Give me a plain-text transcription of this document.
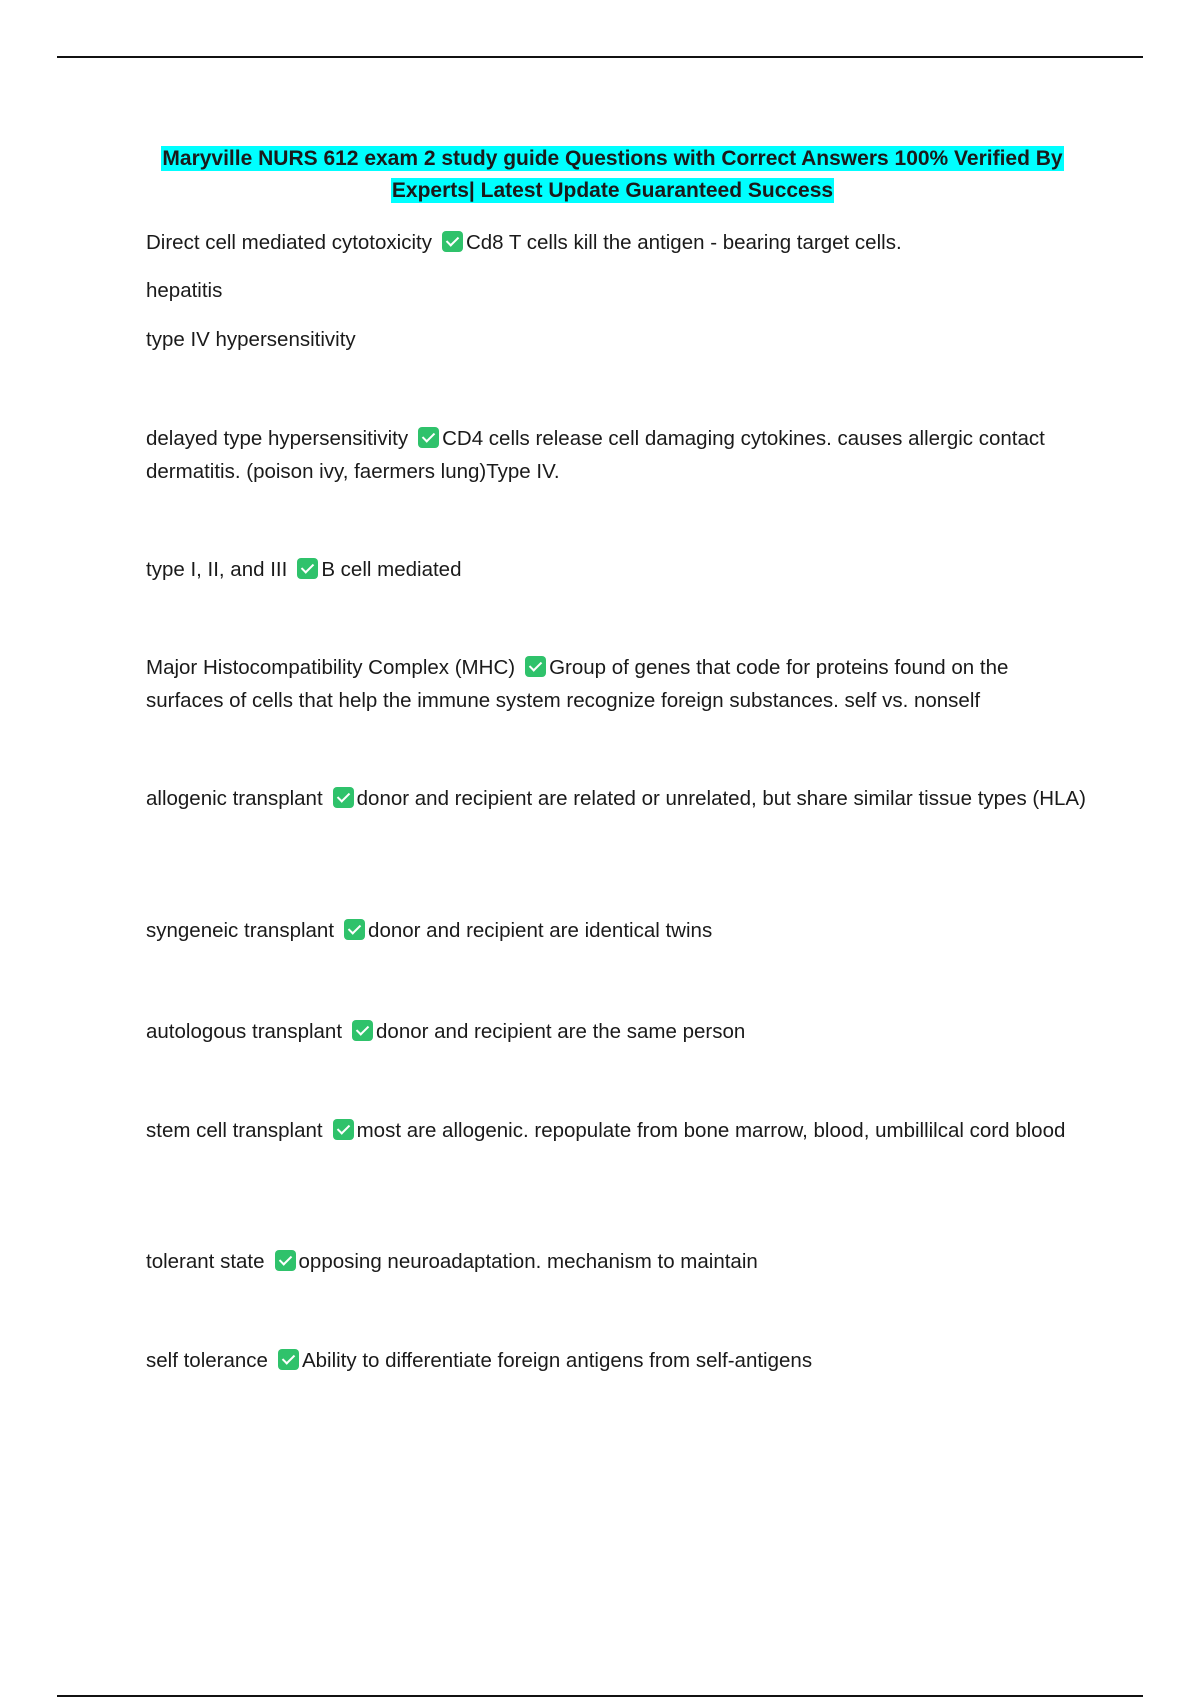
Maryville NURS 612 exam 2 study guide Questions with Correct Answers 100% Verified By Experts| Latest Update Guaranteed Success
Direct cell mediated cytotoxicity Cd8 T cells kill the antigen - bearing target cells.
hepatitis
type IV hypersensitivity
delayed type hypersensitivity CD4 cells release cell damaging cytokines. causes allergic contact dermatitis. (poison ivy, faermers lung)Type IV.
type I, II, and III B cell mediated
Major Histocompatibility Complex (MHC) Group of genes that code for proteins found on the surfaces of cells that help the immune system recognize foreign substances. self vs. nonself
allogenic transplant donor and recipient are related or unrelated, but share similar tissue types (HLA)
syngeneic transplant donor and recipient are identical twins
autologous transplant donor and recipient are the same person
stem cell transplant most are allogenic. repopulate from bone marrow, blood, umbillilcal cord blood
tolerant state opposing neuroadaptation. mechanism to maintain
self tolerance Ability to differentiate foreign antigens from self-antigens
